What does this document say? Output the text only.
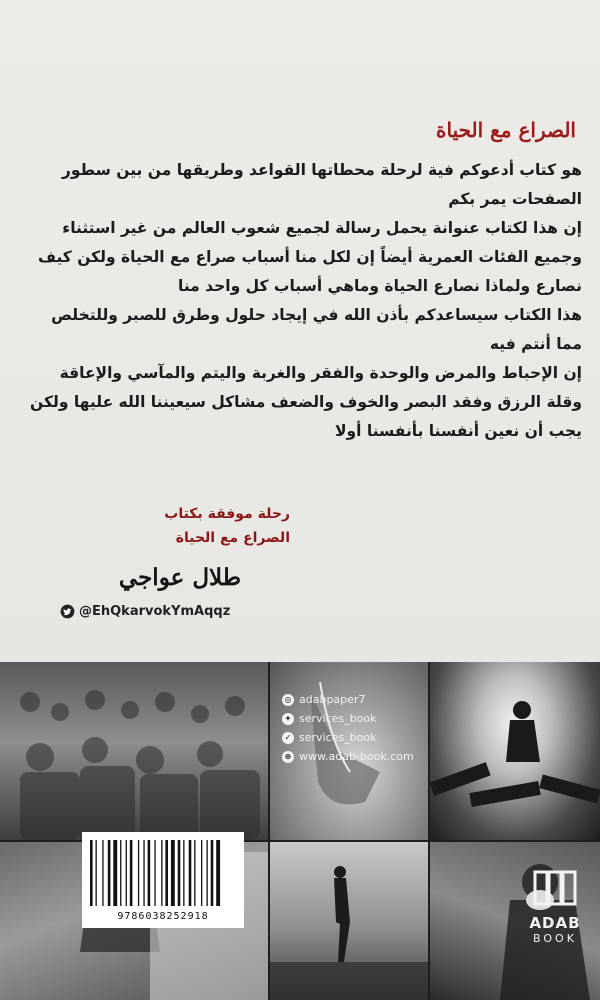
الصراع مع الحياة

هو كتاب أدعوكم فية لرحلة محطاتها القواعد وطريقها من بين سطور الصفحات يمر بكم

إن هذا لكتاب عنوانة يحمل رسالة لجميع شعوب العالم من غير استثناء وجميع الفئات العمرية أيضاً إن لكل منا أسباب صراع مع الحياة ولكن كيف نصارع ولماذا نصارع الحياة وماهي أسباب كل واحد منا

هذا الكتاب سيساعدكم بأذن الله في إيجاد حلول وطرق للصبر وللتخلص مما أنتم فيه

إن الإحباط والمرض والوحدة والفقر والغربة واليتم والمآسي والإعاقة وقلة الرزق وفقد البصر والخوف والضعف مشاكل سيعيننا الله عليها ولكن يجب أن نعين أنفسنا بأنفسنا أولا

رحلة موفقة بكتاب
الصراع مع الحياة
طلال عواجي
@EhQkarvokYmAqqz
◎ adabpaper7
✦ services_book
✓ services_book
⊕ www.adab-book.com
9786038252918	ADAB
BOOK
